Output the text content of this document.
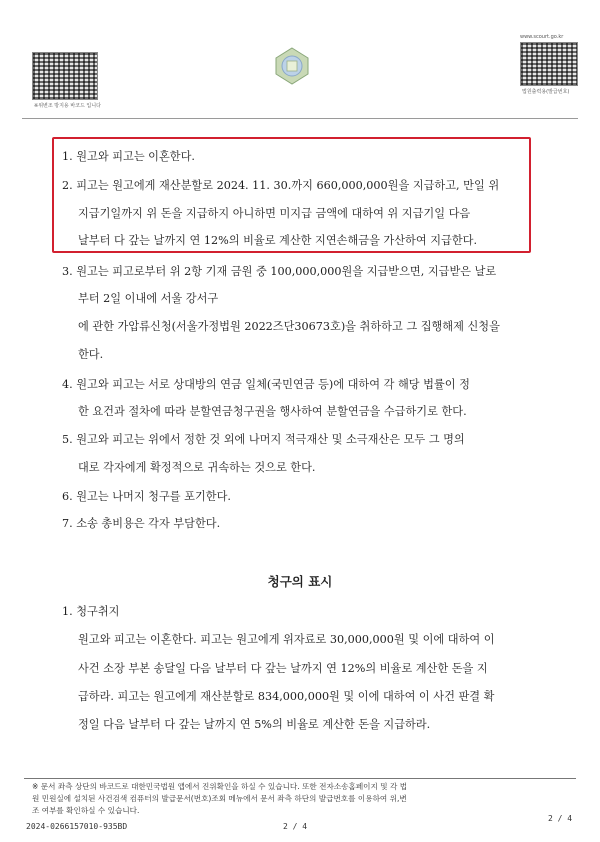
※위변조 방지용 바코드 입니다
www.scourt.go.kr
법원출력용(발급번호)
1. 원고와 피고는 이혼한다.
2. 피고는 원고에게 재산분할로 2024. 11. 30.까지 660,000,000원을 지급하고, 만일 위
지급기일까지 위 돈을 지급하지 아니하면 미지급 금액에 대하여 위 지급기일 다음
날부터 다 갚는 날까지 연 12%의 비율로 계산한 지연손해금을 가산하여 지급한다.
3. 원고는 피고로부터 위 2항 기재 금원 중 100,000,000원을 지급받으면, 지급받은 날로
부터 2일 이내에 서울 강서구
에 관한 가압류신청(서울가정법원 2022즈단30673호)을 취하하고 그 집행해제 신청을
한다.
4. 원고와 피고는 서로 상대방의 연금 일체(국민연금 등)에 대하여 각 해당 법률이 정
한 요건과 절차에 따라 분할연금청구권을 행사하여 분할연금을 수급하기로 한다.
5. 원고와 피고는 위에서 정한 것 외에 나머지 적극재산 및 소극재산은 모두 그 명의
대로 각자에게 확정적으로 귀속하는 것으로 한다.
6. 원고는 나머지 청구를 포기한다.
7. 소송 총비용은 각자 부담한다.
청구의 표시
1. 청구취지
원고와 피고는 이혼한다. 피고는 원고에게 위자료로 30,000,000원 및 이에 대하여 이
사건 소장 부본 송달일 다음 날부터 다 갚는 날까지 연 12%의 비율로 계산한 돈을 지
급하라. 피고는 원고에게 재산분할로 834,000,000원 및 이에 대하여 이 사건 판결 확
정일 다음 날부터 다 갚는 날까지 연 5%의 비율로 계산한 돈을 지급하라.
※ 문서 좌측 상단의 바코드로 대한민국법원 앱에서 진위확인을 하실 수 있습니다. 또한 전자소송홈페이지 및 각 법
원 민원실에 설치된 사건검색 컴퓨터의 발급문서(번호)조회 메뉴에서 문서 좌측 하단의 발급번호를 이용하여 위,변
조 여부를 확인하실 수 있습니다.
2024-0266157010-935BD	2 / 4
2 / 4
